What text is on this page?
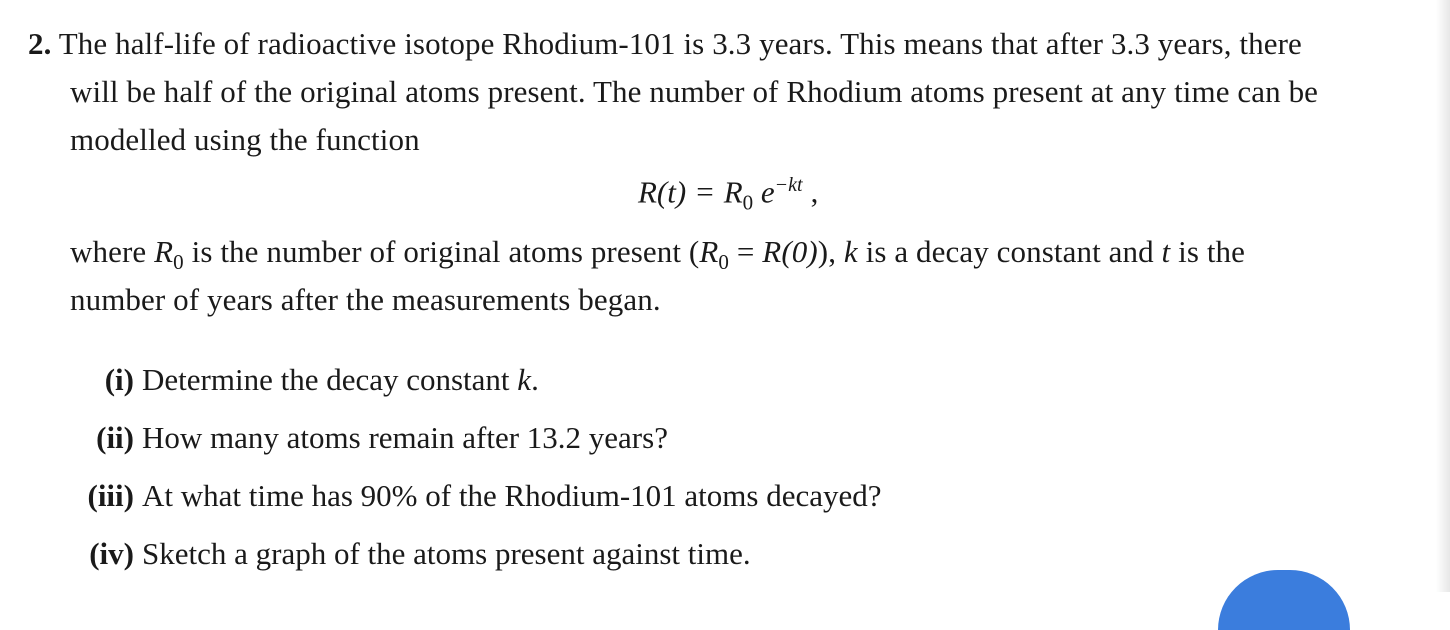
2. The half-life of radioactive isotope Rhodium-101 is 3.3 years. This means that after 3.3 years, there
will be half of the original atoms present. The number of Rhodium atoms present at any time can be
modelled using the function
where $R_0$ is the number of original atoms present $(R_0 = R(0))$, k is a decay constant and t is the
number of years after the measurements began.
$R(t) = R_0$ $e^{-kt}$ ,
(i) Determine the decay constant k.
(ii) How many atoms remain after 13.2 years?
(iii) At what time has 90% of the Rhodium-101 atoms decayed?
(iv) Sketch a graph of the atoms present against time.
